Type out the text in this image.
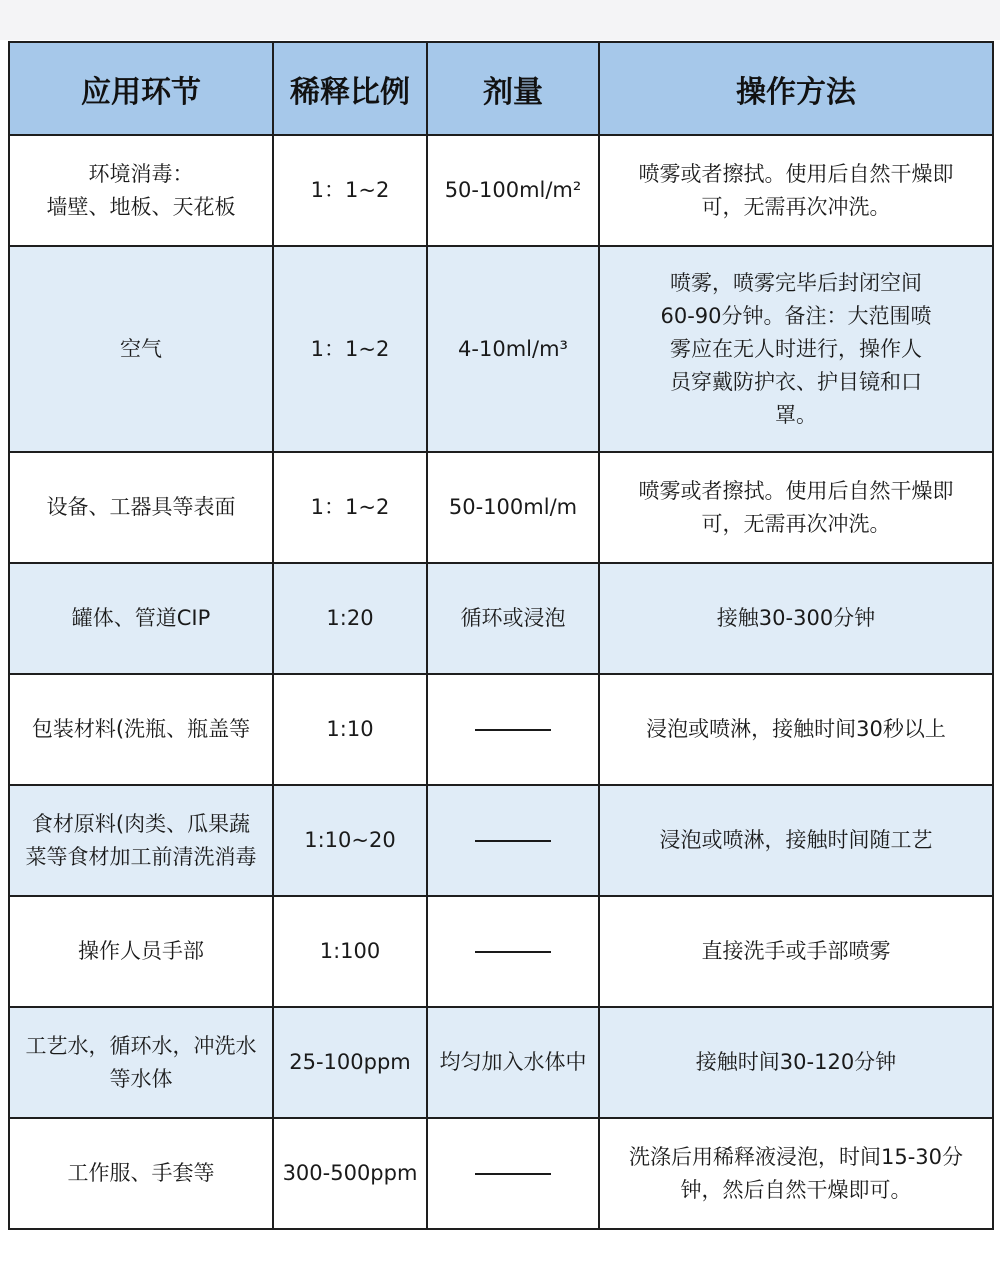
应用环节	稀释比例	剂量	操作方法
环境消毒：
墙壁、地板、天花板	1：1~2	50-100ml/m²	喷雾或者擦拭。使用后自然干燥即
可，无需再次冲洗。
空气	1：1~2	4-10ml/m³	喷雾，喷雾完毕后封闭空间
60-90分钟。备注：大范围喷
雾应在无人时进行，操作人
员穿戴防护衣、护目镜和口
罩。
设备、工器具等表面	1：1~2	50-100ml/m	喷雾或者擦拭。使用后自然干燥即
可，无需再次冲洗。
罐体、管道CIP	1:20	循环或浸泡	接触30-300分钟
包装材料(洗瓶、瓶盖等	1:10		浸泡或喷淋，接触时间30秒以上
食材原料(肉类、瓜果蔬
菜等食材加工前清洗消毒	1:10~20		浸泡或喷淋，接触时间随工艺
操作人员手部	1:100		直接洗手或手部喷雾
工艺水，循环水，冲洗水
等水体	25-100ppm	均匀加入水体中	接触时间30-120分钟
工作服、手套等	300-500ppm		洗涤后用稀释液浸泡，时间15-30分
钟，然后自然干燥即可。
